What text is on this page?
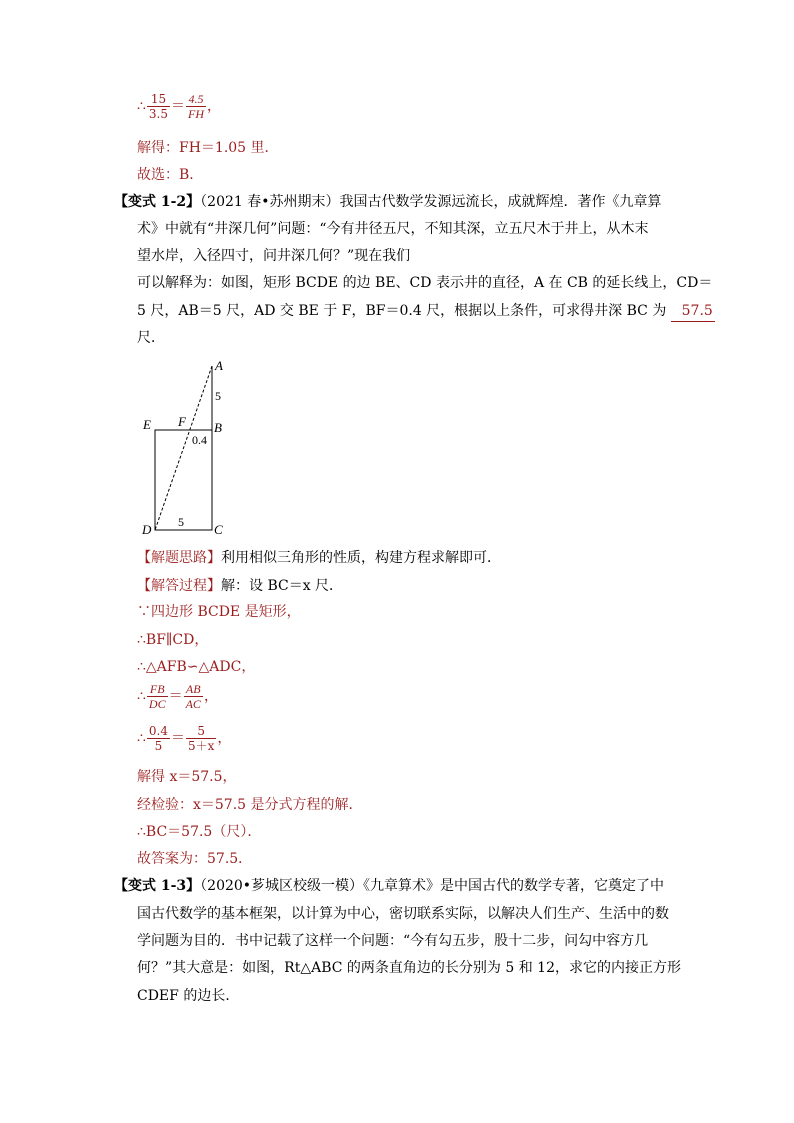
∴ $\frac{15}{3.5} = \frac{4.5}{FH}$ ，
解得：FH＝1.05 里．
故选：B．
【变式 1-2】（2021 春•苏州期末）我国古代数学发源远流长，成就辉煌．著作《九章算
术》中就有“井深几何”问题：“今有井径五尺，不知其深，立五尺木于井上，从木末
望水岸，入径四寸，问井深几何？”现在我们
可以解释为：如图，矩形 BCDE 的边 BE、CD 表示井的直径，A 在 CB 的延长线上，CD＝
5 尺，AB＝5 尺，AD 交 BE 于 F，BF＝0.4 尺，根据以上条件，可求得井深 BC 为 57.5
尺．
A
5
E F B
0.4
D 5 C
【解题思路】利用相似三角形的性质，构建方程求解即可．
【解答过程】解：设 BC＝x 尺．
∵四边形 BCDE 是矩形，
∴BF∥CD，
∴△AFB∽△ADC，
∴ $\frac{FB}{DC} = \frac{AB}{AC}$ ，
∴ $\frac{0.4}{5} = \frac{5}{5+x}$ ，
解得 x＝57.5，
经检验：x＝57.5 是分式方程的解．
∴BC＝57.5（尺）．
故答案为：57.5．
【变式 1-3】（2020•芗城区校级一模）《九章算术》是中国古代的数学专著，它奠定了中
国古代数学的基本框架，以计算为中心，密切联系实际，以解决人们生产、生活中的数
学问题为目的．书中记载了这样一个问题：“今有勾五步，股十二步，问勾中容方几
何？”其大意是：如图，Rt△ABC 的两条直角边的长分别为 5 和 12，求它的内接正方形
CDEF 的边长．
